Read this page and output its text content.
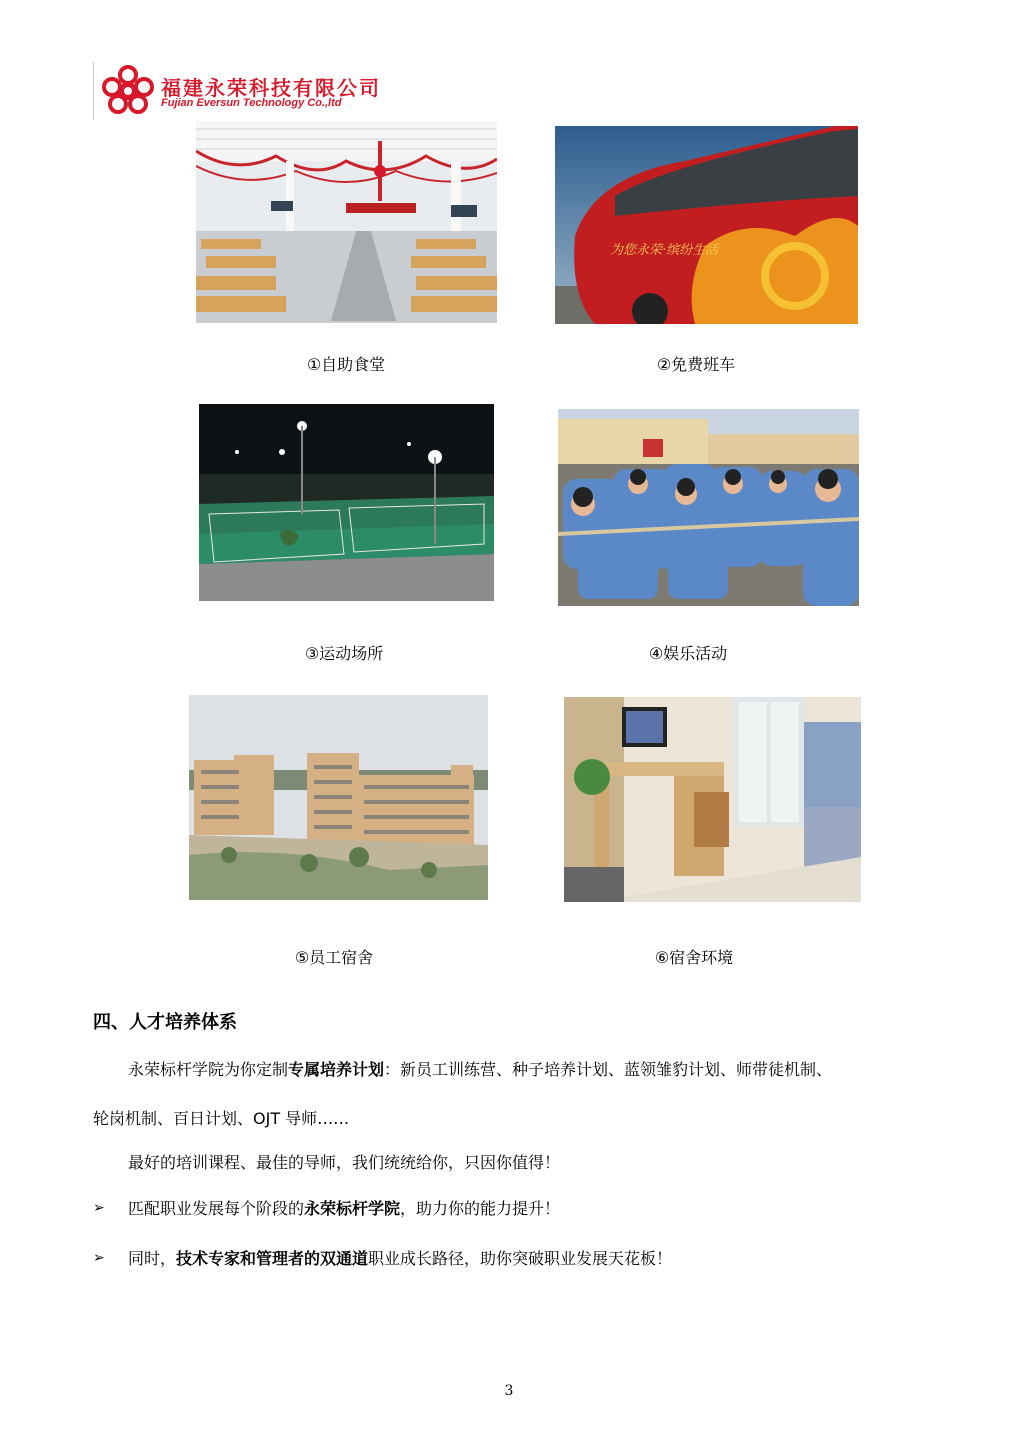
福建永荣科技有限公司
Fujian Eversun Technology Co.,ltd
①自助食堂
为您永荣·缤纷生活
②免费班车
③运动场所	④娱乐活动
⑤员工宿舍	⑥宿舍环境
四、人才培养体系
永荣标杆学院为你定制专属培养计划：新员工训练营、种子培养计划、蓝领雏豹计划、师带徒机制、
轮岗机制、百日计划、OJT 导师……
最好的培训课程、最佳的导师，我们统统给你，只因你值得！
➢ 匹配职业发展每个阶段的永荣标杆学院，助力你的能力提升！
➢ 同时，技术专家和管理者的双通道职业成长路径，助你突破职业发展天花板！
3
